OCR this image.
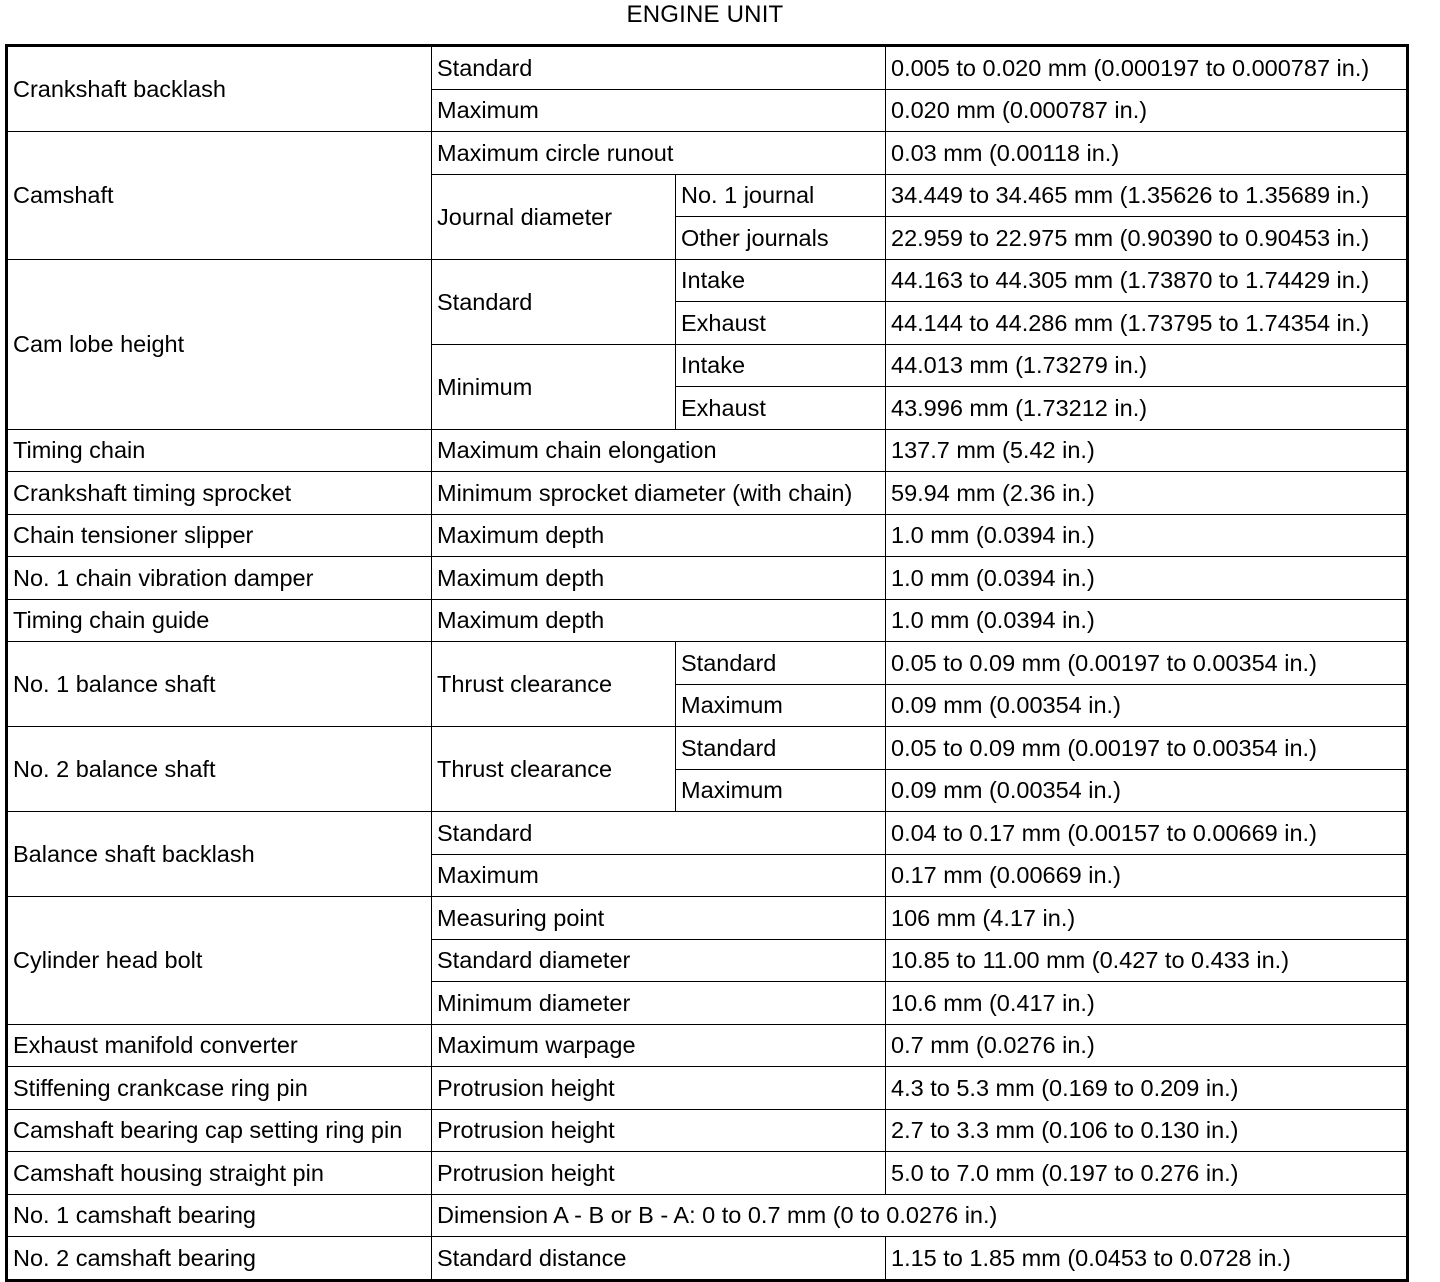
ENGINE UNIT
Crankshaft backlash	Standard		0.005 to 0.020 mm (0.000197 to 0.000787 in.)
	Maximum		0.020 mm (0.000787 in.)
Camshaft	Maximum circle runout		0.03 mm (0.00118 in.)
	Journal diameter	No. 1 journal	34.449 to 34.465 mm (1.35626 to 1.35689 in.)
		Other journals	22.959 to 22.975 mm (0.90390 to 0.90453 in.)
Cam lobe height	Standard	Intake	44.163 to 44.305 mm (1.73870 to 1.74429 in.)
		Exhaust	44.144 to 44.286 mm (1.73795 to 1.74354 in.)
	Minimum	Intake	44.013 mm (1.73279 in.)
		Exhaust	43.996 mm (1.73212 in.)
Timing chain	Maximum chain elongation		137.7 mm (5.42 in.)
Crankshaft timing sprocket	Minimum sprocket diameter (with chain)		59.94 mm (2.36 in.)
Chain tensioner slipper	Maximum depth		1.0 mm (0.0394 in.)
No. 1 chain vibration damper	Maximum depth		1.0 mm (0.0394 in.)
Timing chain guide	Maximum depth		1.0 mm (0.0394 in.)
No. 1 balance shaft	Thrust clearance	Standard	0.05 to 0.09 mm (0.00197 to 0.00354 in.)
		Maximum	0.09 mm (0.00354 in.)
No. 2 balance shaft	Thrust clearance	Standard	0.05 to 0.09 mm (0.00197 to 0.00354 in.)
		Maximum	0.09 mm (0.00354 in.)
Balance shaft backlash	Standard		0.04 to 0.17 mm (0.00157 to 0.00669 in.)
	Maximum		0.17 mm (0.00669 in.)
Cylinder head bolt	Measuring point		106 mm (4.17 in.)
	Standard diameter		10.85 to 11.00 mm (0.427 to 0.433 in.)
	Minimum diameter		10.6 mm (0.417 in.)
Exhaust manifold converter	Maximum warpage		0.7 mm (0.0276 in.)
Stiffening crankcase ring pin	Protrusion height		4.3 to 5.3 mm (0.169 to 0.209 in.)
Camshaft bearing cap setting ring pin	Protrusion height		2.7 to 3.3 mm (0.106 to 0.130 in.)
Camshaft housing straight pin	Protrusion height		5.0 to 7.0 mm (0.197 to 0.276 in.)
No. 1 camshaft bearing	Dimension A - B or B - A: 0 to 0.7 mm (0 to 0.0276 in.)		
No. 2 camshaft bearing	Standard distance		1.15 to 1.85 mm (0.0453 to 0.0728 in.)
